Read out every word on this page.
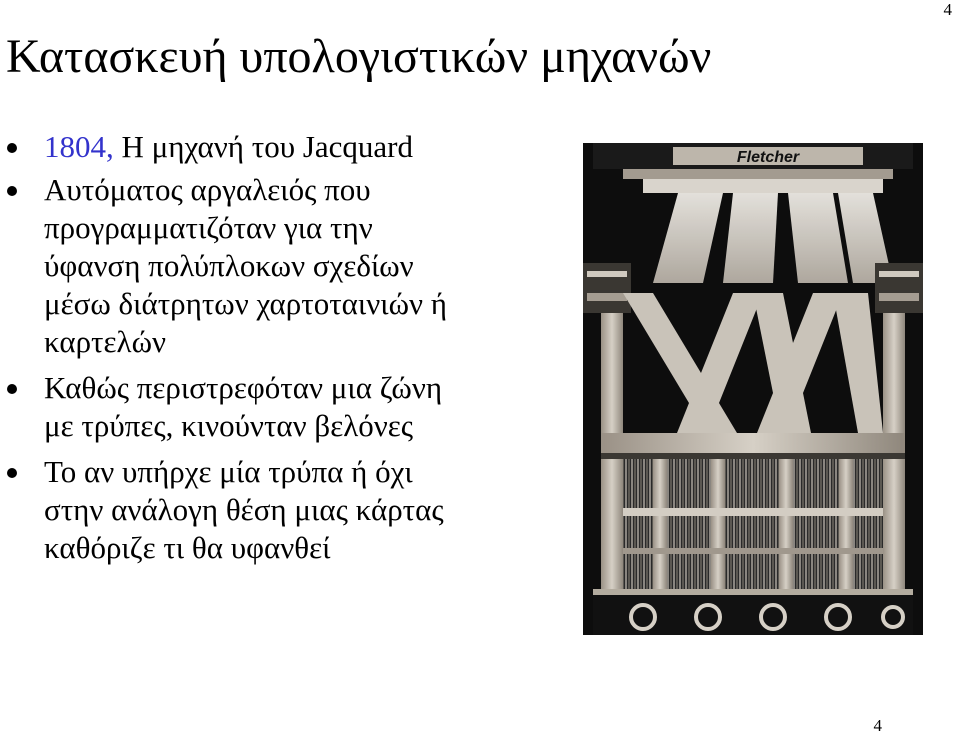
4
Κατασκευή υπολογιστικών μηχανών
1804, Η μηχανή του Jacquard
Αυτόματος αργαλειός που
προγραμματιζόταν για την
ύφανση πολύπλοκων σχεδίων
μέσω διάτρητων χαρτοταινιών ή
καρτελών
Καθώς περιστρεφόταν μια ζώνη
με τρύπες, κινούνταν βελόνες
Το αν υπήρχε μία τρύπα ή όχι
στην ανάλογη θέση μιας κάρτας
καθόριζε τι θα υφανθεί
Fletcher
4
